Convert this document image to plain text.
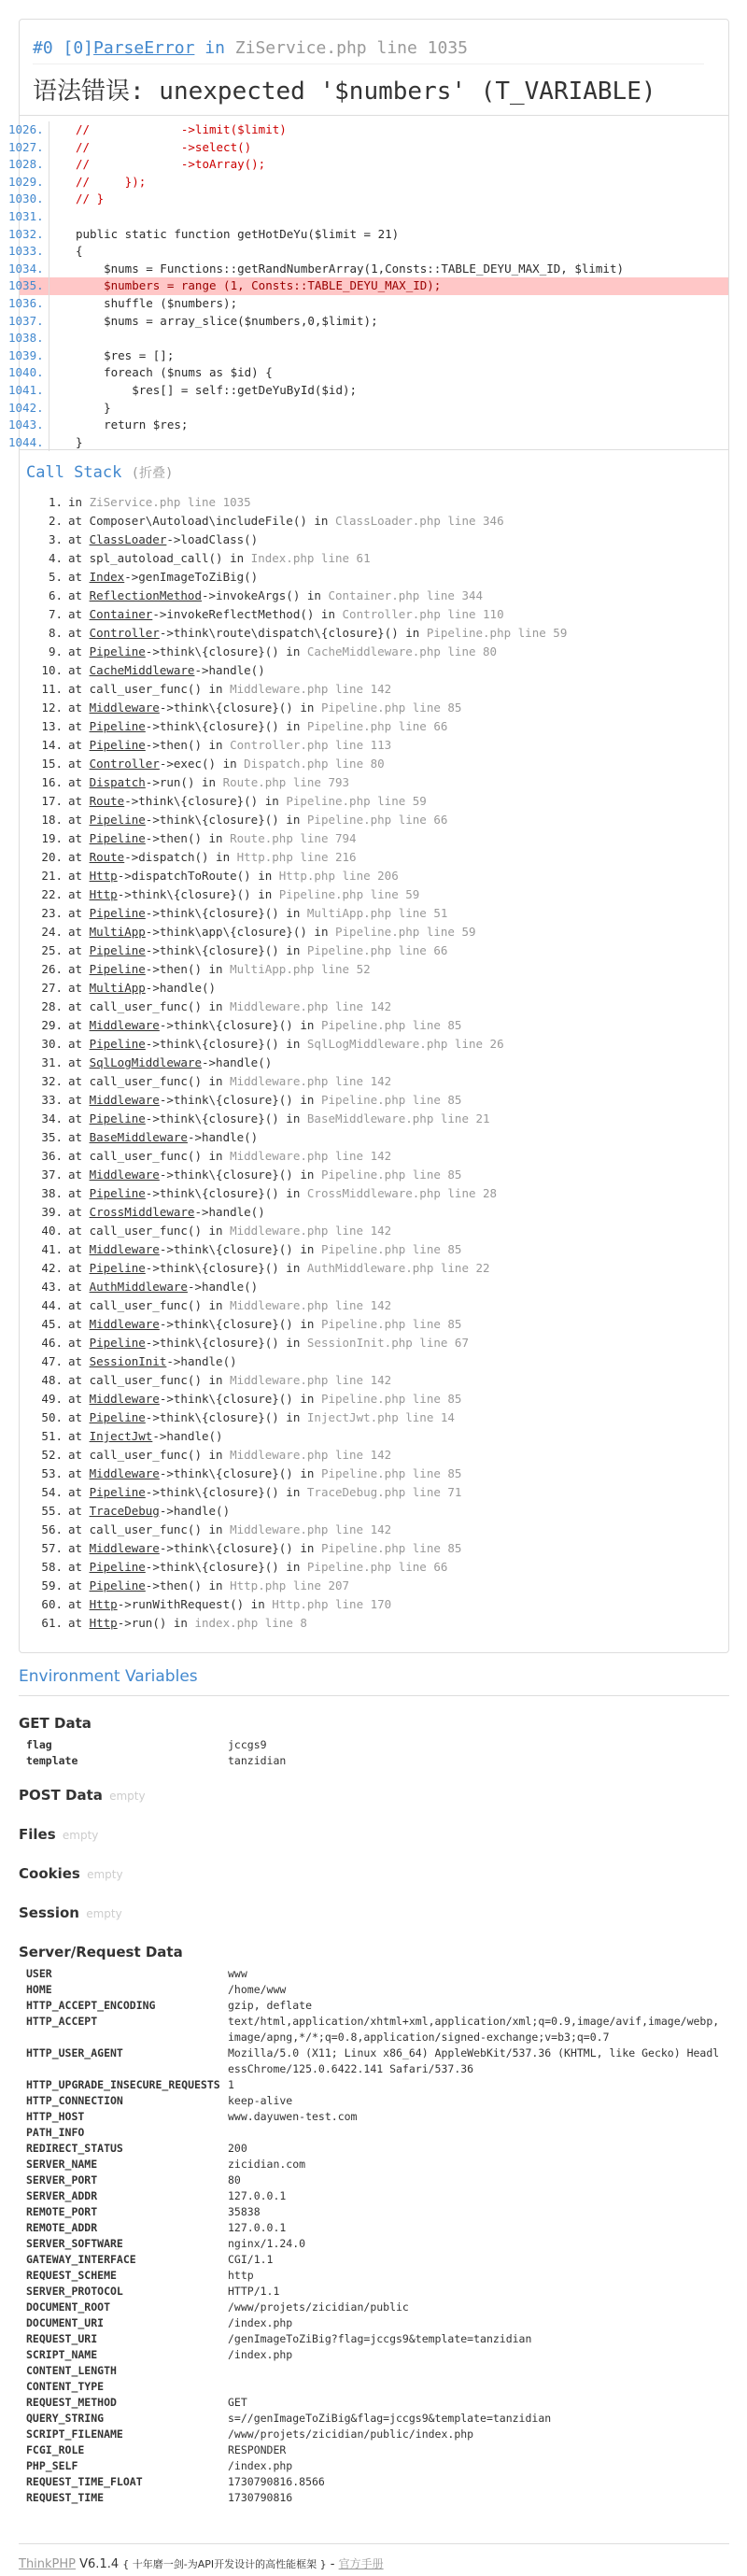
#0 [0]ParseError in ZiService.php line 1035
语法错误: unexpected '$numbers' (T_VARIABLE)
1026.	//             ->limit($limit)
1027.	//             ->select()
1028.	//             ->toArray();
1029.	//     });
1030.	// }
1031.
1032.	public static function getHotDeYu($limit = 21)
1033.	{
1034.	$nums = Functions::getRandNumberArray(1,Consts::TABLE_DEYU_MAX_ID, $limit)
1035.	$numbers = range (1, Consts::TABLE_DEYU_MAX_ID);
1036.	shuffle ($numbers);
1037.	$nums = array_slice($numbers,0,$limit);
1038.
1039.	$res = [];
1040.	foreach ($nums as $id) {
1041.	$res[] = self::getDeYuById($id);
1042.	}
1043.	return $res;
1044.	}
Call Stack (折叠)
1. in ZiService.php line 1035
2. at Composer\Autoload\includeFile() in ClassLoader.php line 346
3. at ClassLoader->loadClass()
4. at spl_autoload_call() in Index.php line 61
5. at Index->genImageToZiBig()
6. at ReflectionMethod->invokeArgs() in Container.php line 344
7. at Container->invokeReflectMethod() in Controller.php line 110
8. at Controller->think\route\dispatch\{closure}() in Pipeline.php line 59
9. at Pipeline->think\{closure}() in CacheMiddleware.php line 80
10. at CacheMiddleware->handle()
11. at call_user_func() in Middleware.php line 142
12. at Middleware->think\{closure}() in Pipeline.php line 85
13. at Pipeline->think\{closure}() in Pipeline.php line 66
14. at Pipeline->then() in Controller.php line 113
15. at Controller->exec() in Dispatch.php line 80
16. at Dispatch->run() in Route.php line 793
17. at Route->think\{closure}() in Pipeline.php line 59
18. at Pipeline->think\{closure}() in Pipeline.php line 66
19. at Pipeline->then() in Route.php line 794
20. at Route->dispatch() in Http.php line 216
21. at Http->dispatchToRoute() in Http.php line 206
22. at Http->think\{closure}() in Pipeline.php line 59
23. at Pipeline->think\{closure}() in MultiApp.php line 51
24. at MultiApp->think\app\{closure}() in Pipeline.php line 59
25. at Pipeline->think\{closure}() in Pipeline.php line 66
26. at Pipeline->then() in MultiApp.php line 52
27. at MultiApp->handle()
28. at call_user_func() in Middleware.php line 142
29. at Middleware->think\{closure}() in Pipeline.php line 85
30. at Pipeline->think\{closure}() in SqlLogMiddleware.php line 26
31. at SqlLogMiddleware->handle()
32. at call_user_func() in Middleware.php line 142
33. at Middleware->think\{closure}() in Pipeline.php line 85
34. at Pipeline->think\{closure}() in BaseMiddleware.php line 21
35. at BaseMiddleware->handle()
36. at call_user_func() in Middleware.php line 142
37. at Middleware->think\{closure}() in Pipeline.php line 85
38. at Pipeline->think\{closure}() in CrossMiddleware.php line 28
39. at CrossMiddleware->handle()
40. at call_user_func() in Middleware.php line 142
41. at Middleware->think\{closure}() in Pipeline.php line 85
42. at Pipeline->think\{closure}() in AuthMiddleware.php line 22
43. at AuthMiddleware->handle()
44. at call_user_func() in Middleware.php line 142
45. at Middleware->think\{closure}() in Pipeline.php line 85
46. at Pipeline->think\{closure}() in SessionInit.php line 67
47. at SessionInit->handle()
48. at call_user_func() in Middleware.php line 142
49. at Middleware->think\{closure}() in Pipeline.php line 85
50. at Pipeline->think\{closure}() in InjectJwt.php line 14
51. at InjectJwt->handle()
52. at call_user_func() in Middleware.php line 142
53. at Middleware->think\{closure}() in Pipeline.php line 85
54. at Pipeline->think\{closure}() in TraceDebug.php line 71
55. at TraceDebug->handle()
56. at call_user_func() in Middleware.php line 142
57. at Middleware->think\{closure}() in Pipeline.php line 85
58. at Pipeline->think\{closure}() in Pipeline.php line 66
59. at Pipeline->then() in Http.php line 207
60. at Http->runWithRequest() in Http.php line 170
61. at Http->run() in index.php line 8
Environment Variables
GET Data
flag	jccgs9
template	tanzidian
POST Data empty
Files empty
Cookies empty
Session empty
Server/Request Data
USER	www
HOME	/home/www
HTTP_ACCEPT_ENCODING	gzip, deflate
HTTP_ACCEPT	text/html,application/xhtml+xml,application/xml;q=0.9,image/avif,image/webp,image/apng,*/*;q=0.8,application/signed-exchange;v=b3;q=0.7
HTTP_USER_AGENT	Mozilla/5.0 (X11; Linux x86_64) AppleWebKit/537.36 (KHTML, like Gecko) HeadlessChrome/125.0.6422.141 Safari/537.36
HTTP_UPGRADE_INSECURE_REQUESTS 1
HTTP_CONNECTION	keep-alive
HTTP_HOST	www.dayuwen-test.com
PATH_INFO
REDIRECT_STATUS	200
SERVER_NAME	zicidian.com
SERVER_PORT	80
SERVER_ADDR	127.0.0.1
REMOTE_PORT	35838
REMOTE_ADDR	127.0.0.1
SERVER_SOFTWARE	nginx/1.24.0
GATEWAY_INTERFACE	CGI/1.1
REQUEST_SCHEME	http
SERVER_PROTOCOL	HTTP/1.1
DOCUMENT_ROOT	/www/projets/zicidian/public
DOCUMENT_URI	/index.php
REQUEST_URI	/genImageToZiBig?flag=jccgs9&template=tanzidian
SCRIPT_NAME	/index.php
CONTENT_LENGTH
CONTENT_TYPE
REQUEST_METHOD	GET
QUERY_STRING	s=//genImageToZiBig&flag=jccgs9&template=tanzidian
SCRIPT_FILENAME	/www/projets/zicidian/public/index.php
FCGI_ROLE	RESPONDER
PHP_SELF	/index.php
REQUEST_TIME_FLOAT	1730790816.8566
REQUEST_TIME	1730790816
ThinkPHP V6.1.4 { 十年磨一剑-为API开发设计的高性能框架 } - 官方手册
